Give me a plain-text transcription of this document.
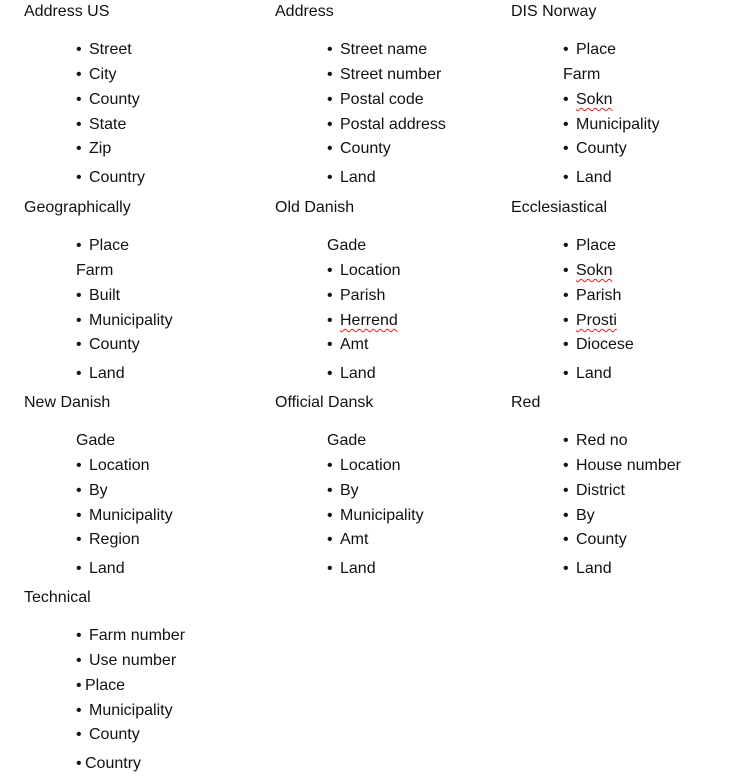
Address US
• Street
• City
• County
• State
• Zip
• Country
Address
• Street name
• Street number
• Postal code
• Postal address
• County
• Land
DIS Norway
• Place
Farm
• Sokn
• Municipality
• County
• Land
Geographically
• Place
Farm
• Built
• Municipality
• County
• Land
Old Danish
Gade
• Location
• Parish
• Herrend
• Amt
• Land
Ecclesiastical
• Place
• Sokn
• Parish
• Prosti
• Diocese
• Land
New Danish
Gade
• Location
• By
• Municipality
• Region
• Land
Official Dansk
Gade
• Location
• By
• Municipality
• Amt
• Land
Red
• Red no
• House number
• District
• By
• County
• Land
Technical
• Farm number
• Use number
• Place
• Municipality
• County
• Country
